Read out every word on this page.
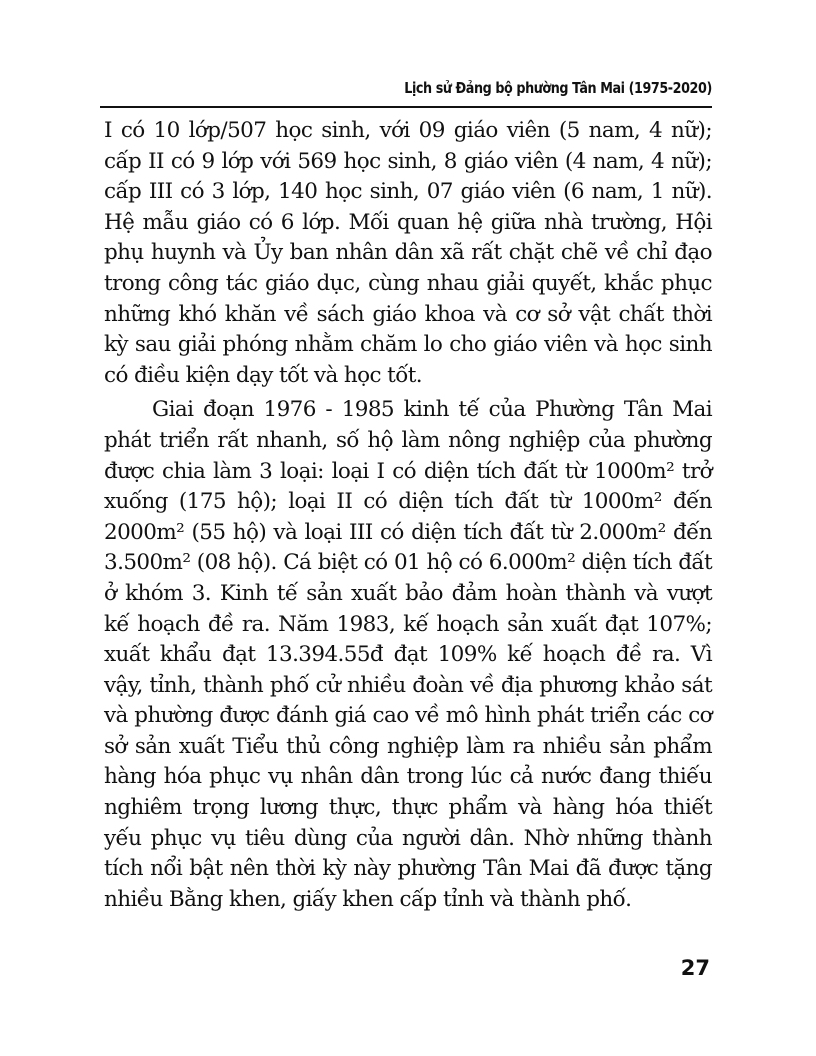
Lịch sử Đảng bộ phường Tân Mai (1975-2020)

I có 10 lớp/507 học sinh, với 09 giáo viên (5 nam, 4 nữ); cấp II có 9 lớp với 569 học sinh, 8 giáo viên (4 nam, 4 nữ); cấp III có 3 lớp, 140 học sinh, 07 giáo viên (6 nam, 1 nữ). Hệ mẫu giáo có 6 lớp. Mối quan hệ giữa nhà trường, Hội phụ huynh và Ủy ban nhân dân xã rất chặt chẽ về chỉ đạo trong công tác giáo dục, cùng nhau giải quyết, khắc phục những khó khăn về sách giáo khoa và cơ sở vật chất thời kỳ sau giải phóng nhằm chăm lo cho giáo viên và học sinh có điều kiện dạy tốt và học tốt.

Giai đoạn 1976 - 1985 kinh tế của Phường Tân Mai phát triển rất nhanh, số hộ làm nông nghiệp của phường được chia làm 3 loại: loại I có diện tích đất từ 1000m² trở xuống (175 hộ); loại II có diện tích đất từ 1000m² đến 2000m² (55 hộ) và loại III có diện tích đất từ 2.000m² đến 3.500m² (08 hộ). Cá biệt có 01 hộ có 6.000m² diện tích đất ở khóm 3. Kinh tế sản xuất bảo đảm hoàn thành và vượt kế hoạch đề ra. Năm 1983, kế hoạch sản xuất đạt 107%; xuất khẩu đạt 13.394.55đ đạt 109% kế hoạch đề ra. Vì vậy, tỉnh, thành phố cử nhiều đoàn về địa phương khảo sát và phường được đánh giá cao về mô hình phát triển các cơ sở sản xuất Tiểu thủ công nghiệp làm ra nhiều sản phẩm hàng hóa phục vụ nhân dân trong lúc cả nước đang thiếu nghiêm trọng lương thực, thực phẩm và hàng hóa thiết yếu phục vụ tiêu dùng của người dân. Nhờ những thành tích nổi bật nên thời kỳ này phường Tân Mai đã được tặng nhiều Bằng khen, giấy khen cấp tỉnh và thành phố.

27
